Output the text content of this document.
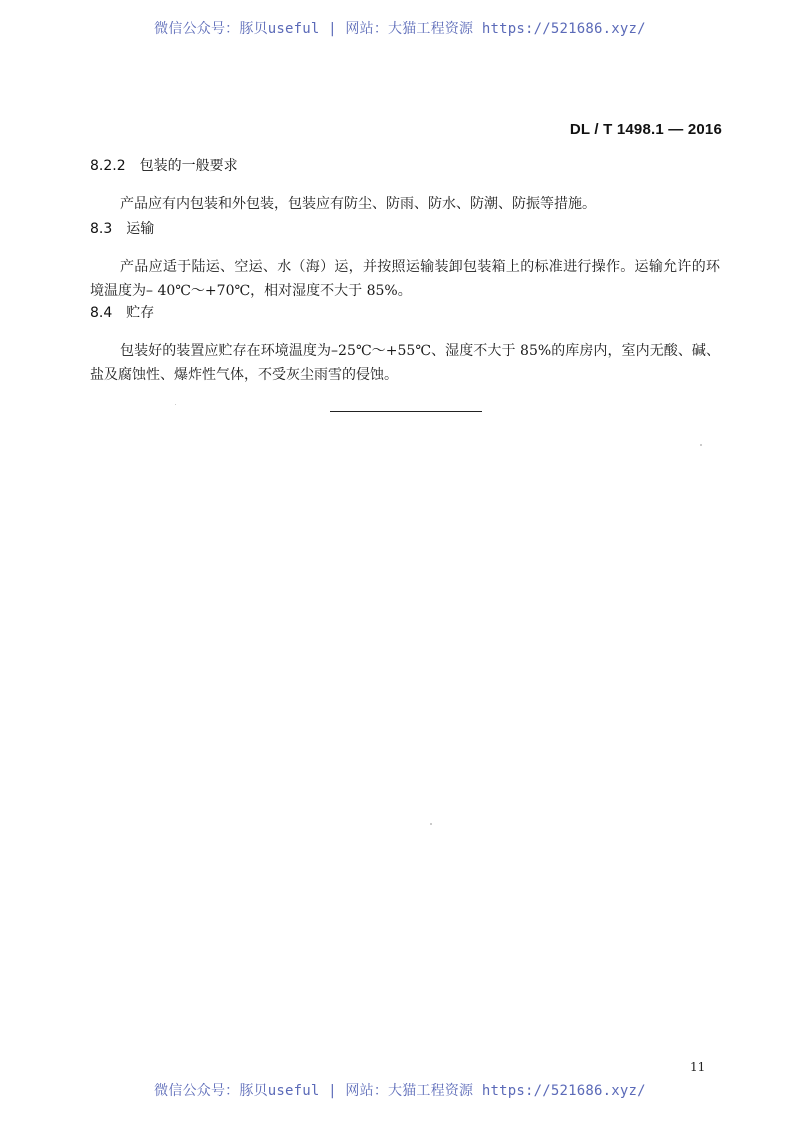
微信公众号：豚贝useful | 网站：大猫工程资源 https://521686.xyz/
DL / T 1498.1 — 2016
8.2.2 包装的一般要求
产品应有内包装和外包装，包装应有防尘、防雨、防水、防潮、防振等措施。
8.3 运输
产品应适于陆运、空运、水（海）运，并按照运输装卸包装箱上的标准进行操作。运输允许的环境温度为– 40℃～+70℃，相对湿度不大于 85%。
8.4 贮存
包装好的装置应贮存在环境温度为–25℃～+55℃、湿度不大于 85%的库房内，室内无酸、碱、盐及腐蚀性、爆炸性气体，不受灰尘雨雪的侵蚀。
11
微信公众号：豚贝useful | 网站：大猫工程资源 https://521686.xyz/
